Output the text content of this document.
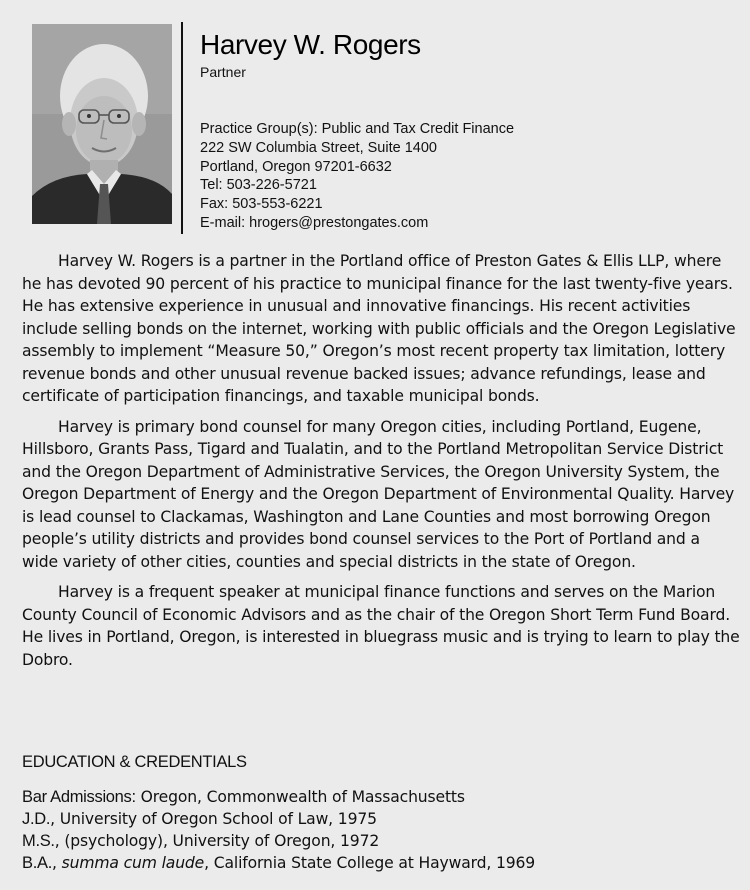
Harvey W. Rogers
Partner
Practice Group(s): Public and Tax Credit Finance
222 SW Columbia Street, Suite 1400
Portland, Oregon 97201-6632
Tel: 503-226-5721
Fax: 503-553-6221
E-mail: hrogers@prestongates.com

Harvey W. Rogers is a partner in the Portland office of Preston Gates & Ellis LLP, where he has devoted 90 percent of his practice to municipal finance for the last twenty-five years. He has extensive experience in unusual and innovative financings. His recent activities include selling bonds on the internet, working with public officials and the Oregon Legislative assembly to implement “Measure 50,” Oregon’s most recent property tax limitation, lottery revenue bonds and other unusual revenue backed issues; advance refundings, lease and certificate of participation financings, and taxable municipal bonds.

Harvey is primary bond counsel for many Oregon cities, including Portland, Eugene, Hillsboro, Grants Pass, Tigard and Tualatin, and to the Portland Metropolitan Service District and the Oregon Department of Administrative Services, the Oregon University System, the Oregon Department of Energy and the Oregon Department of Environmental Quality. Harvey is lead counsel to Clackamas, Washington and Lane Counties and most borrowing Oregon people’s utility districts and provides bond counsel services to the Port of Portland and a wide variety of other cities, counties and special districts in the state of Oregon.

Harvey is a frequent speaker at municipal finance functions and serves on the Marion County Council of Economic Advisors and as the chair of the Oregon Short Term Fund Board. He lives in Portland, Oregon, is interested in bluegrass music and is trying to learn to play the Dobro.

EDUCATION & CREDENTIALS
Bar Admissions: Oregon, Commonwealth of Massachusetts
J.D., University of Oregon School of Law, 1975
M.S., (psychology), University of Oregon, 1972
B.A., summa cum laude, California State College at Hayward, 1969
